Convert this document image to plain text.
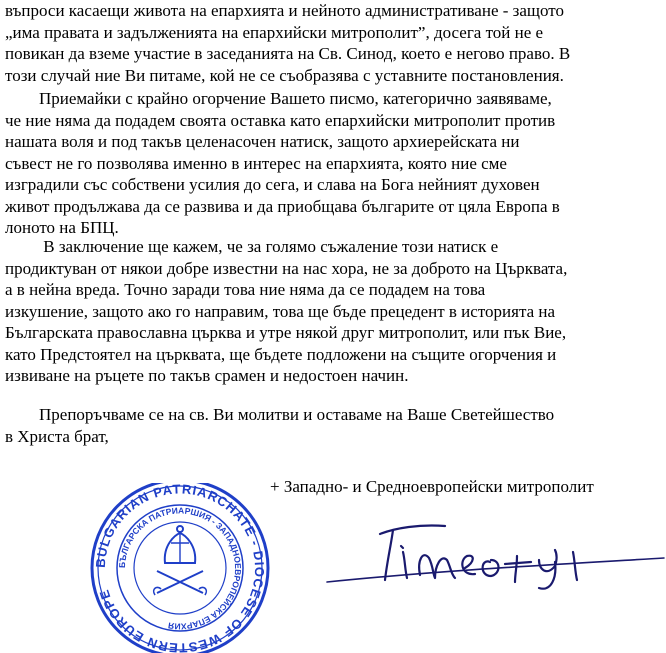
въпроси касаещи живота на епархията и нейното административане - защото
„има правата и задълженията на епархийски митрополит”, досега той не е
повикан да вземе участие в заседанията на Св. Синод, което е негово право. В
този случай ние Ви питаме, кой не се съобразява с уставните постановления.
Приемайки с крайно огорчение Вашето писмо, категорично заявяваме,
че ние няма да подадем своята оставка като епархийски митрополит против
нашата воля и под такъв целенасочен натиск, защото архиерейската ни
съвест не го позволява именно в интерес на епархията, която ние сме
изградили със собствени усилия до сега, и слава на Бога нейният духовен
живот продължава да се развива и да приобщава българите от цяла Европа в
лоното на БПЦ.
В заключение ще кажем, че за голямо съжаление този натиск е
продиктуван от някои добре известни на нас хора, не за доброто на Църквата,
а в нейна вреда. Точно заради това ние няма да се подадем на това
изкушение, защото ако го направим, това ще бъде прецедент в историята на
Българската православна църква и утре някой друг митрополит, или пък Вие,
като Предстоятел на църквата, ще бъдете подложени на същите огорчения и
извиване на ръцете по такъв срамен и недостоен начин.
Препоръчваме се на св. Ви молитви и оставаме на Ваше Светейшество
в Христа брат,
+ Западно- и Средноевропейски митрополит
BULGARIAN PATRIARCHATE - DIOCESE OF WESTERN EUROPE
БЪЛГАРСКА ПАТРИАРШИЯ - ЗАПАДНОЕВРОПЕЙСКА ЕПАРХИЯ
